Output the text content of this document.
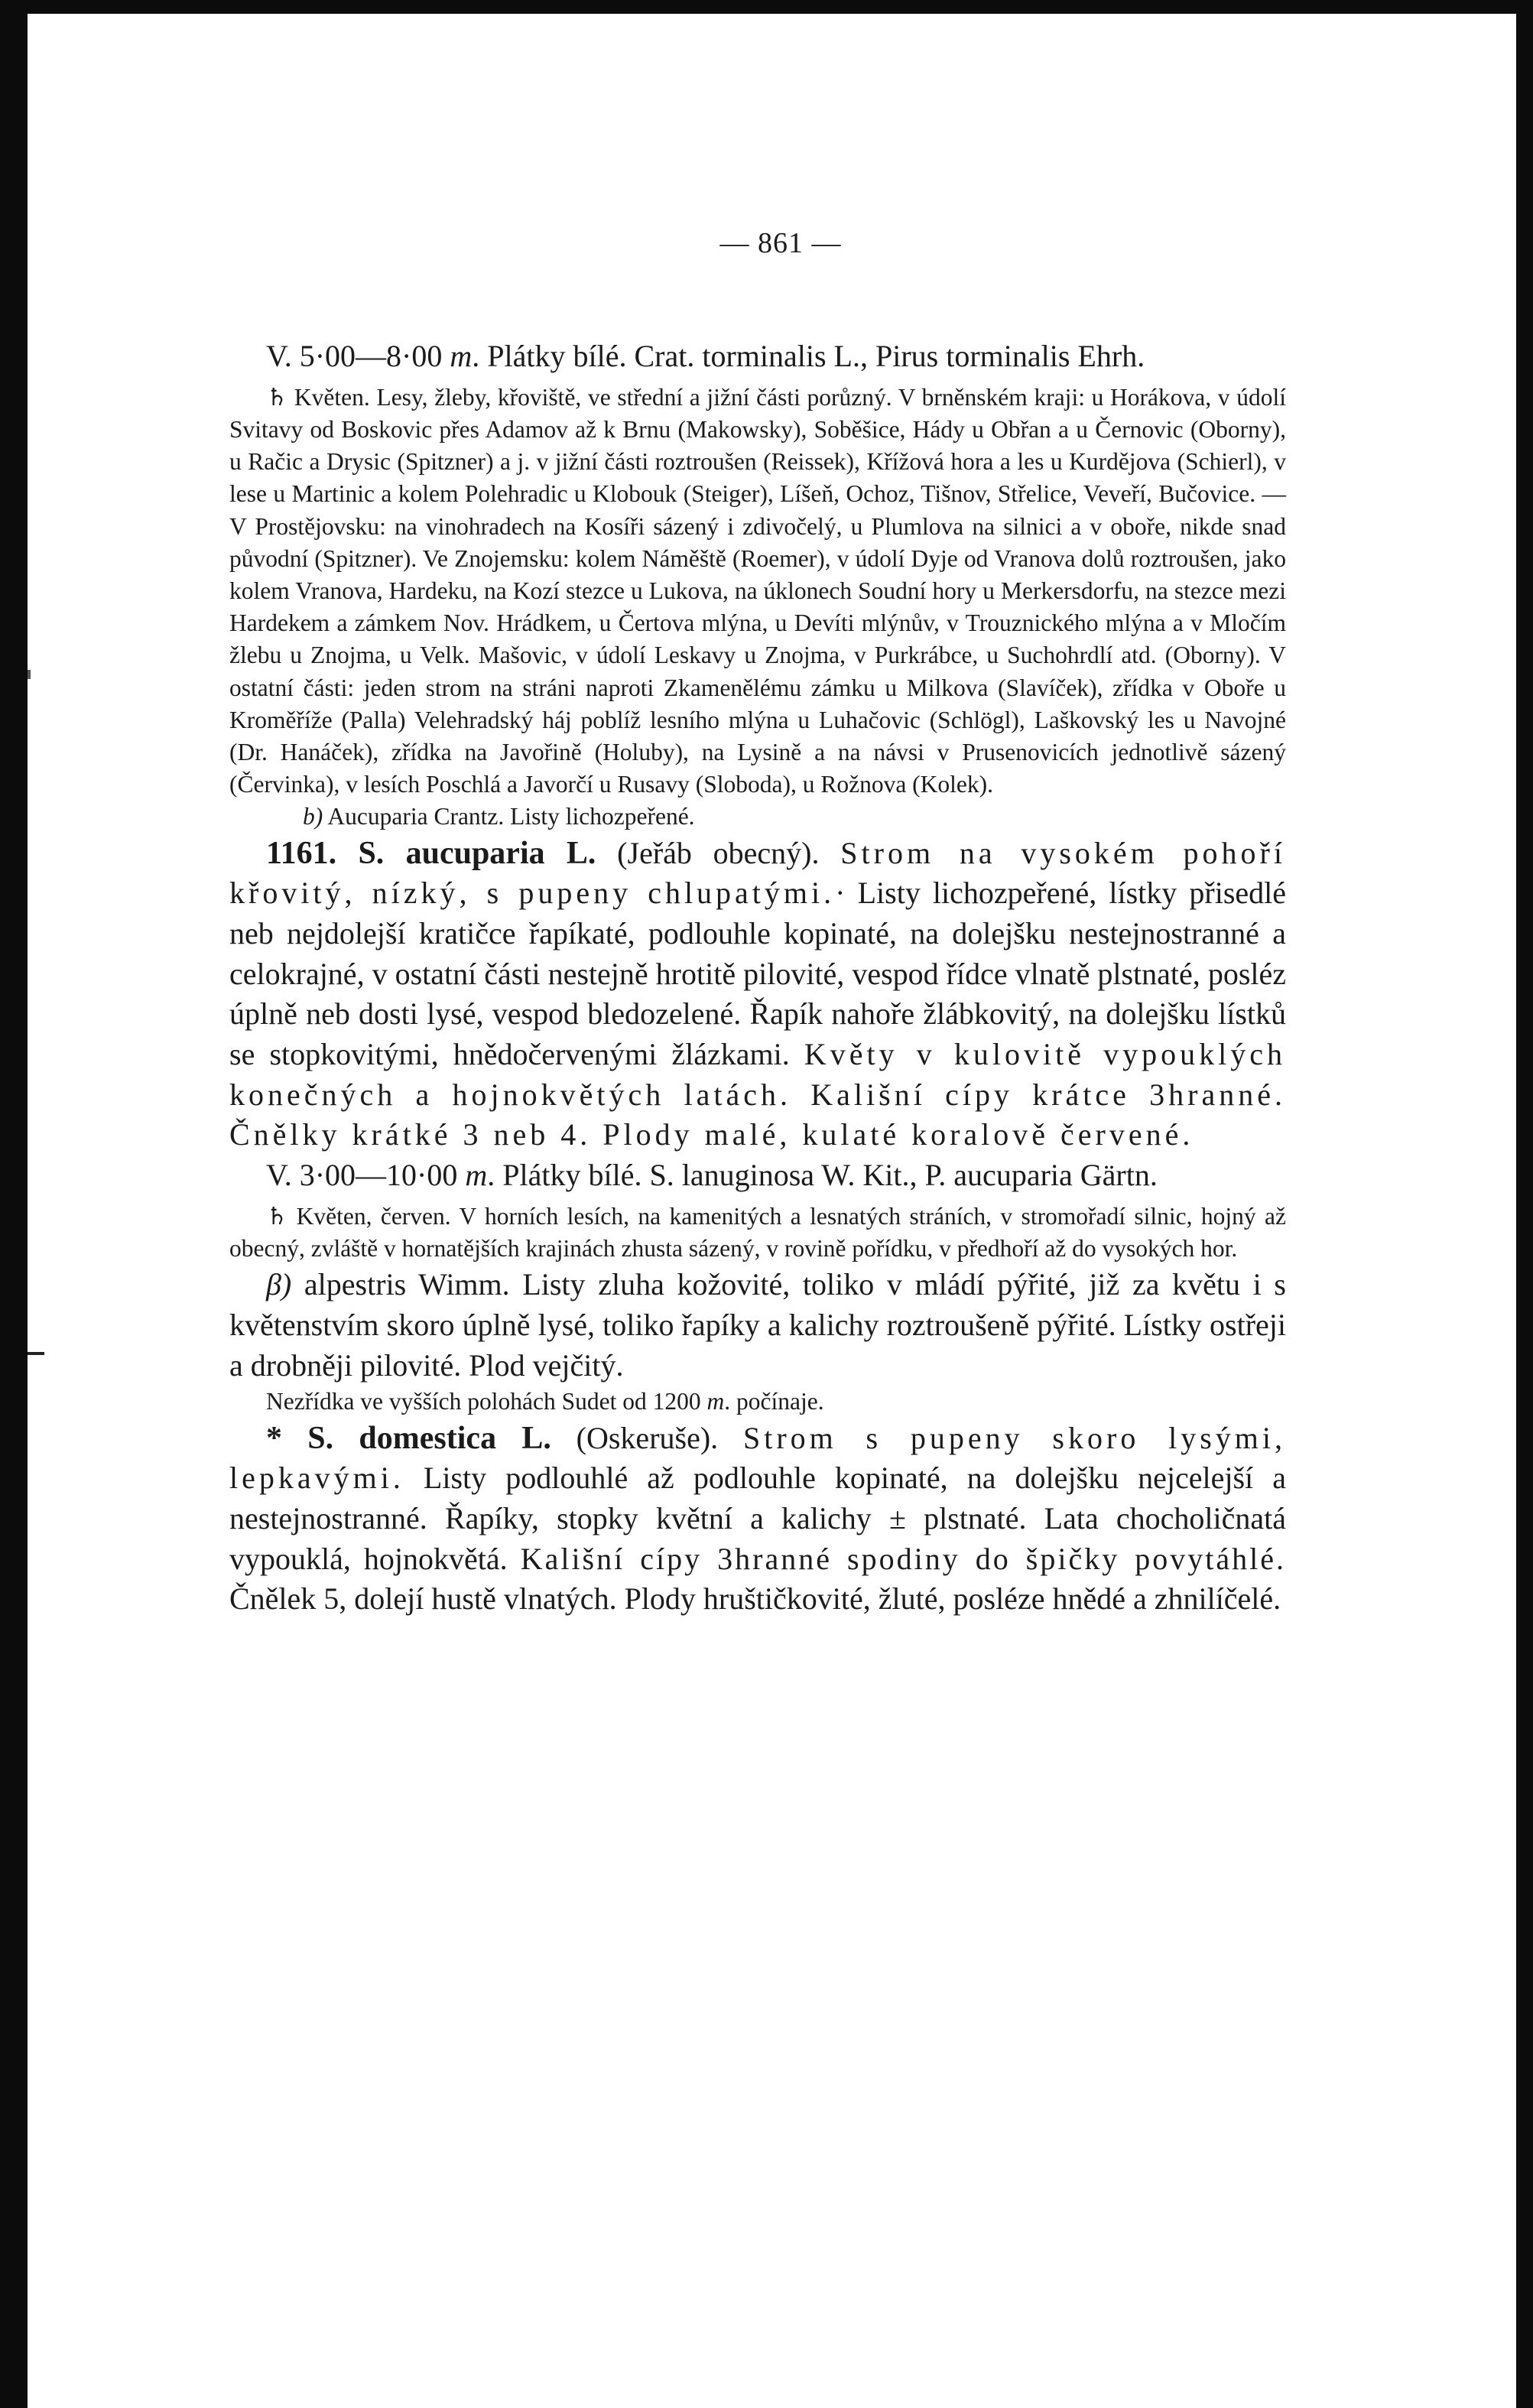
— 861 —

V. 5·00—8·00 m. Plátky bílé. Crat. torminalis L., Pirus torminalis Ehrh.

♄ Květen. Lesy, žleby, křoviště, ve střední a jižní části porůzný. V brněnském kraji: u Horákova, v údolí Svitavy od Boskovic přes Adamov až k Brnu (Makowsky), Soběšice, Hády u Obřan a u Černovic (Oborny), u Račic a Drysic (Spitzner) a j. v jižní části roztroušen (Reissek), Křížová hora a les u Kurdějova (Schierl), v lese u Martinic a kolem Polehradic u Klobouk (Steiger), Líšeň, Ochoz, Tišnov, Střelice, Veveří, Bučovice. — V Prostějovsku: na vinohradech na Kosíři sázený i zdivočelý, u Plumlova na silnici a v oboře, nikde snad původní (Spitzner). Ve Znojemsku: kolem Náměště (Roemer), v údolí Dyje od Vranova dolů roztroušen, jako kolem Vranova, Hardeku, na Kozí stezce u Lukova, na úklonech Soudní hory u Merkersdorfu, na stezce mezi Hardekem a zámkem Nov. Hrádkem, u Čertova mlýna, u Devíti mlýnův, v Trouznického mlýna a v Mločím žlebu u Znojma, u Velk. Mašovic, v údolí Leskavy u Znojma, v Purkrábce, u Suchohrdlí atd. (Oborny). V ostatní části: jeden strom na stráni naproti Zkamenělému zámku u Milkova (Slavíček), zřídka v Oboře u Kroměříže (Palla) Velehradský háj poblíž lesního mlýna u Luhačovic (Schlögl), Laškovský les u Navojné (Dr. Hanáček), zřídka na Javořině (Holuby), na Lysině a na návsi v Prusenovicích jednotlivě sázený (Červinka), v lesích Poschlá a Javorčí u Rusavy (Sloboda), u Rožnova (Kolek).

b) Aucuparia Crantz. Listy lichozpeřené.

1161. S. aucuparia L. (Jeřáb obecný). Strom na vysokém pohoří křovitý, nízký, s pupeny chlupatými.· Listy lichozpeřené, lístky přisedlé neb nejdolejší kratičce řapíkaté, podlouhle kopinaté, na dolejšku nestejnostranné a celokrajné, v ostatní části nestejně hrotitě pilovité, vespod řídce vlnatě plstnaté, posléz úplně neb dosti lysé, vespod bledozelené. Řapík nahoře žlábkovitý, na dolejšku lístků se stopkovitými, hnědočervenými žlázkami. Květy v kulovitě vypouklých konečných a hojnokvětých latách. Kališní cípy krátce 3hranné. Čnělky krátké 3 neb 4. Plody malé, kulaté koralově červené.

V. 3·00—10·00 m. Plátky bílé. S. lanuginosa W. Kit., P. aucuparia Gärtn.

♄ Květen, červen. V horních lesích, na kamenitých a lesnatých stráních, v stromořadí silnic, hojný až obecný, zvláště v hornatějších krajinách zhusta sázený, v rovině pořídku, v předhoří až do vysokých hor.

β) alpestris Wimm. Listy zluha kožovité, toliko v mládí pýřité, již za květu i s květenstvím skoro úplně lysé, toliko řapíky a kalichy roztroušeně pýřité. Lístky ostřeji a drobněji pilovité. Plod vejčitý.

Nezřídka ve vyšších polohách Sudet od 1200 m. počínaje.

* S. domestica L. (Oskeruše). Strom s pupeny skoro lysými, lepkavými. Listy podlouhlé až podlouhle kopinaté, na dolejšku nejcelejší a nestejnostranné. Řapíky, stopky květní a kalichy ± plstnaté. Lata chocholičnatá vypouklá, hojnokvětá. Kališní cípy 3hranné spodiny do špičky povytáhlé. Čnělek 5, dolejí hustě vlnatých. Plody hruštičkovité, žluté, posléze hnědé a zhnilíčelé.
